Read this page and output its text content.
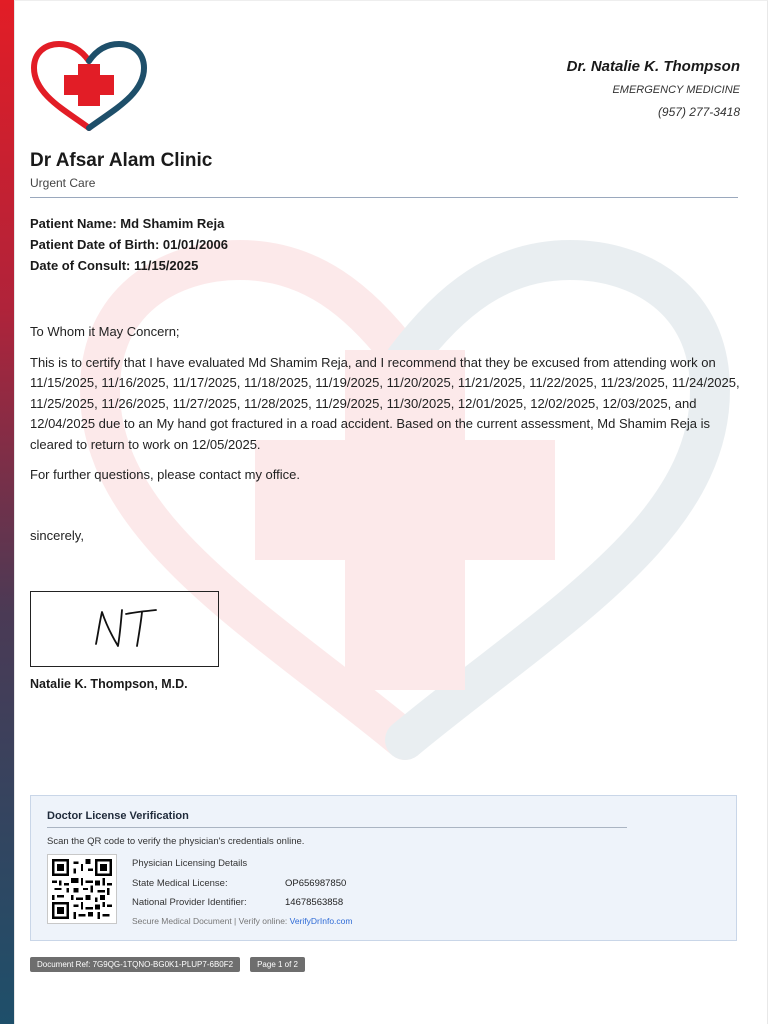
Dr. Natalie K. Thompson
EMERGENCY MEDICINE
(957) 277-3418
Dr Afsar Alam Clinic
Urgent Care
Patient Name: Md Shamim Reja
Patient Date of Birth: 01/01/2006
Date of Consult: 11/15/2025

To Whom it May Concern;

This is to certify that I have evaluated Md Shamim Reja, and I recommend that they be excused from attending work on 11/15/2025, 11/16/2025, 11/17/2025, 11/18/2025, 11/19/2025, 11/20/2025, 11/21/2025, 11/22/2025, 11/23/2025, 11/24/2025, 11/25/2025, 11/26/2025, 11/27/2025, 11/28/2025, 11/29/2025, 11/30/2025, 12/01/2025, 12/02/2025, 12/03/2025, and 12/04/2025 due to an My hand got fractured in a road accident. Based on the current assessment, Md Shamim Reja is cleared to return to work on 12/05/2025.

For further questions, please contact my office.

sincerely,

Natalie K. Thompson, M.D.
Doctor License Verification
Scan the QR code to verify the physician's credentials online.
Physician Licensing Details
State Medical License:	OP656987850
National Provider Identifier:	14678563858
Secure Medical Document | Verify online: VerifyDrInfo.com
Document Ref: 7G9QG-1TQNO-BG0K1-PLUP7-6B0F2	Page 1 of 2
